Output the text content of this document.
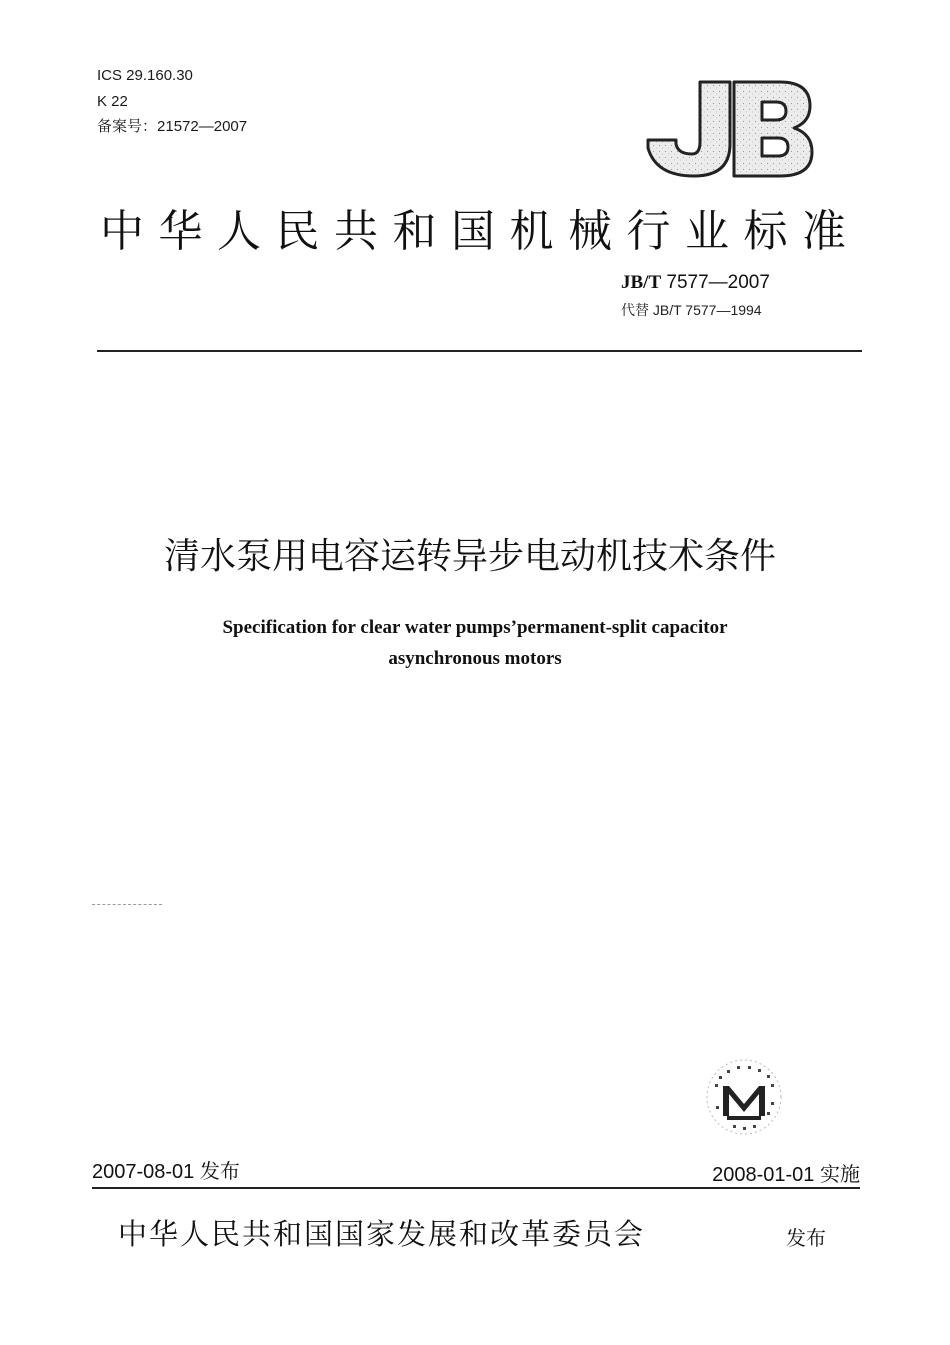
ICS 29.160.30
K 22
备案号：21572—2007
中华人民共和国机械行业标准
JB/T 7577—2007
代替 JB/T 7577—1994
清水泵用电容运转异步电动机技术条件
Specification for clear water pumps’permanent-split capacitor
asynchronous motors
2007-08-01 发布	2008-01-01 实施
中华人民共和国国家发展和改革委员会	发布
